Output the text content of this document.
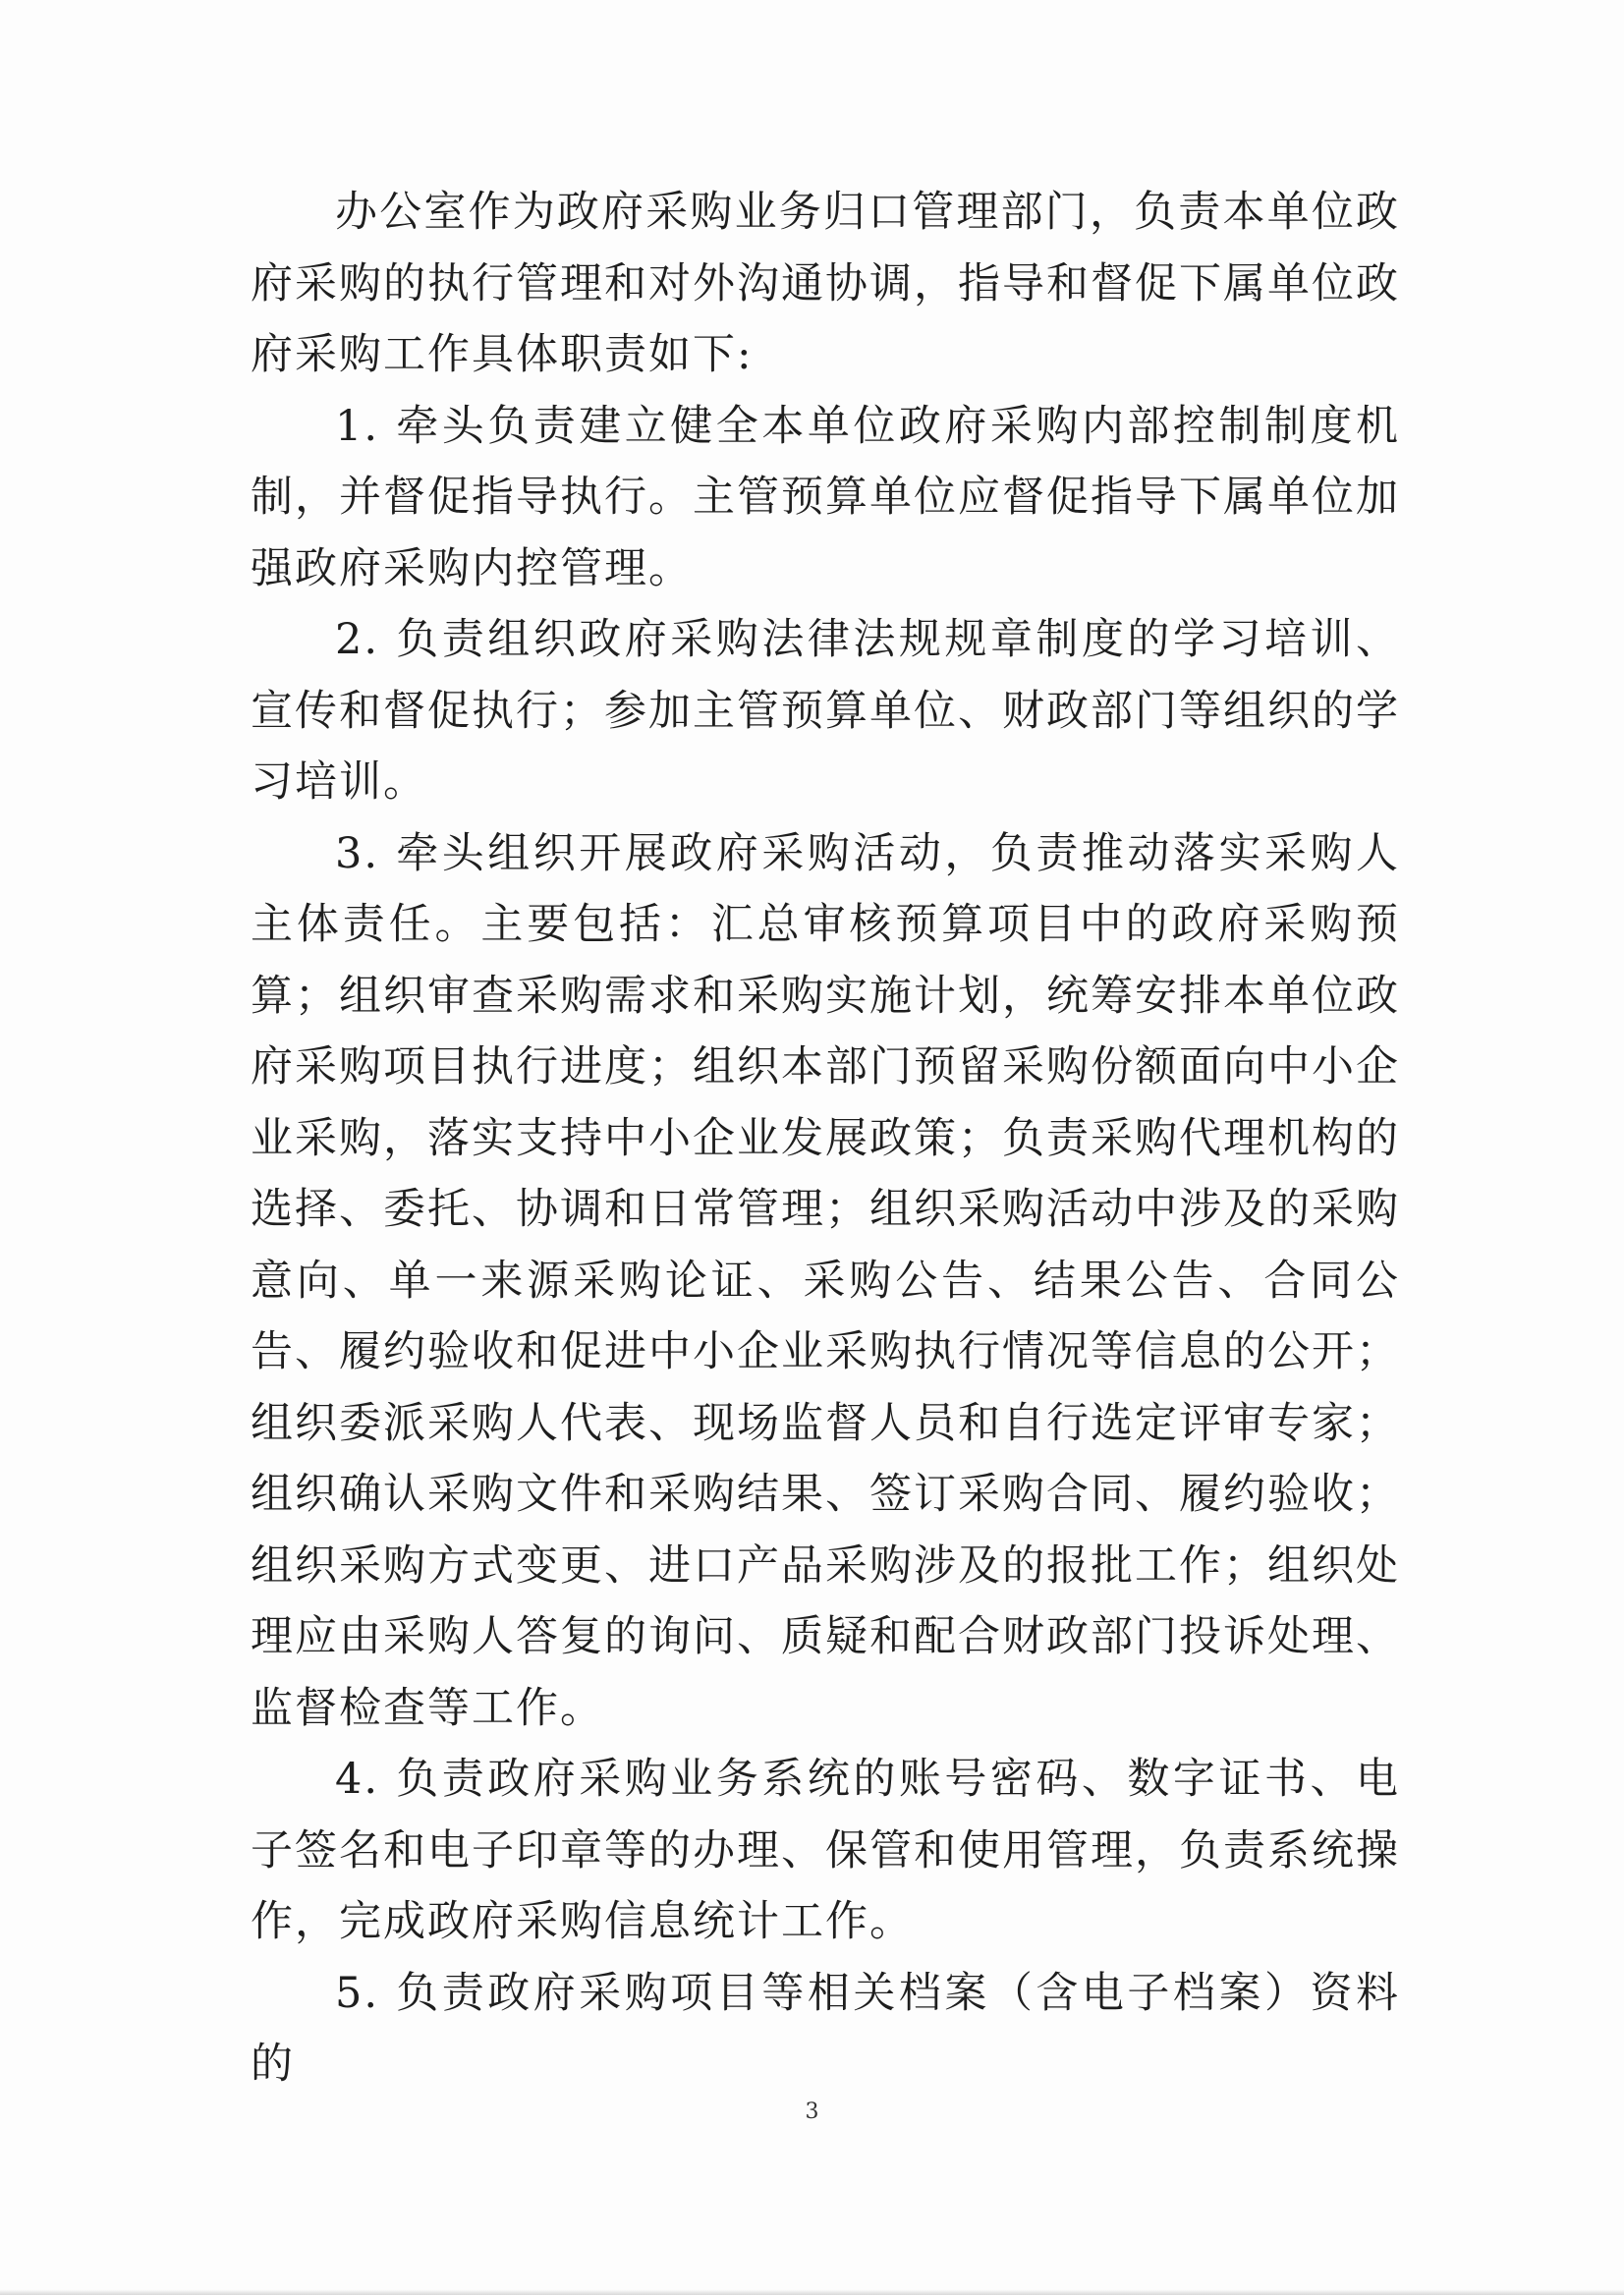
办公室作为政府采购业务归口管理部门，负责本单位政府采购的执行管理和对外沟通协调，指导和督促下属单位政府采购工作具体职责如下:

1. 牵头负责建立健全本单位政府采购内部控制制度机制，并督促指导执行。主管预算单位应督促指导下属单位加强政府采购内控管理。

2. 负责组织政府采购法律法规规章制度的学习培训、宣传和督促执行；参加主管预算单位、财政部门等组织的学习培训。

3. 牵头组织开展政府采购活动，负责推动落实采购人主体责任。主要包括：汇总审核预算项目中的政府采购预算；组织审查采购需求和采购实施计划，统筹安排本单位政府采购项目执行进度；组织本部门预留采购份额面向中小企业采购，落实支持中小企业发展政策；负责采购代理机构的选择、委托、协调和日常管理；组织采购活动中涉及的采购意向、单一来源采购论证、采购公告、结果公告、合同公告、履约验收和促进中小企业采购执行情况等信息的公开；组织委派采购人代表、现场监督人员和自行选定评审专家；组织确认采购文件和采购结果、签订采购合同、履约验收；组织采购方式变更、进口产品采购涉及的报批工作；组织处理应由采购人答复的询问、质疑和配合财政部门投诉处理、监督检查等工作。

4. 负责政府采购业务系统的账号密码、数字证书、电子签名和电子印章等的办理、保管和使用管理，负责系统操作，完成政府采购信息统计工作。

5. 负责政府采购项目等相关档案（含电子档案）资料的

3
